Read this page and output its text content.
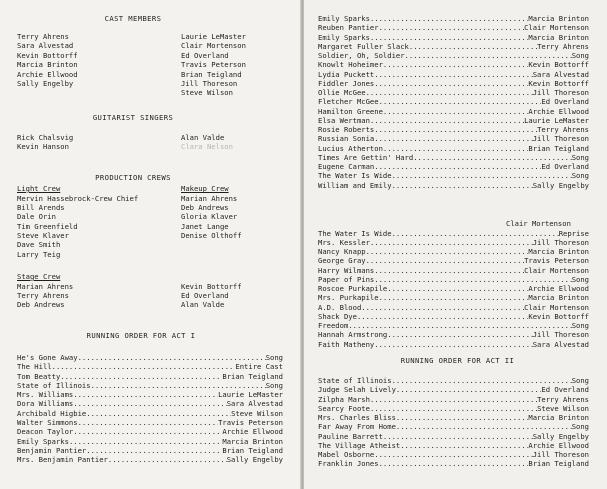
CAST MEMBERS
Terry Ahrens	Laurie LeMaster
Sara Alvestad	Clair Mortenson
Kevin Bottorff	Ed Overland
Marcia Brinton	Travis Peterson
Archie Ellwood	Brian Teigland
Sally Engelby	Jill Thoreson
Steve Wilson
GUITARIST SINGERS
Rick Chalsvig	Alan Valde
Kevin Hanson	Clara Nelson
PRODUCTION CREWS
Light Crew	Makeup Crew
Mervin Hassebrock-Crew Chief	Marian Ahrens
Bill Arends	Deb Andrews
Dale Orin	Gloria Klaver
Tim Greenfield	Janet Lange
Steve Klaver	Denise Olthoff
Dave Smith
Larry Teig
Stage Crew
Marian Ahrens	Kevin Bottorff
Terry Ahrens	Ed Overland
Deb Andrews	Alan Valde
RUNNING ORDER FOR ACT I
He's Gone Away .....	Song
The Hill .....	Entire Cast
Tom Beatty .....	Brian Teigland
State of Illinois .....	Song
Mrs. Williams .....	Laurie LeMaster
Dora Williams .....	Sara Alvestad
Archibald Higbie .....	Steve Wilson
Walter Simmons .....	Travis Peterson
Deacon Taylor .....	Archie Ellwood
Emily Sparks .....	Marcia Brinton
Benjamin Pantier .....	Brian Teigland
Mrs. Benjamin Pantier .....	Sally Engelby
Emily Sparks .....	Marcia Brinton
Reuben Pantier .....	Clair Mortenson
Emily Sparks .....	Marcia Brinton
Margaret Fuller Slack .....	Terry Ahrens
Soldier, Oh, Soldier .....	Song
Knowlt Hoheimer .....	Kevin Bottorff
Lydia Puckett .....	Sara Alvestad
Fiddler Jones .....	Kevin Bottorff
Ollie McGee .....	Jill Thoreson
Fletcher McGee .....	Ed Overland
Hamilton Greene .....	Archie Ellwood
Elsa Wertman .....	Laurie LeMaster
Rosie Roberts .....	Terry Ahrens
Russian Sonia .....	Jill Thoreson
Lucius Atherton .....	Brian Teigland
Times Are Gettin' Hard .....	Song
Eugene Carman .....	Ed Overland
The Water Is Wide .....	Song
William and Emily .....	Sally Engelby
Clair Mortenson
The Water Is Wide .....	Reprise
Mrs. Kessler .....	Jill Thoreson
Nancy Knapp .....	Marcia Brinton
George Gray .....	Travis Peterson
Harry Wilmans .....	Clair Mortenson
Paper of Pins .....	Song
Roscoe Purkapile .....	Archie Ellwood
Mrs. Purkapile .....	Marcia Brinton
A.D. Blood .....	Clair Mortenson
Shack Dye .....	Kevin Bottorff
Freedom .....	Song
Hannah Armstrong .....	Jill Thoreson
Faith Matheny .....	Sara Alvestad
RUNNING ORDER FOR ACT II
State of Illinois .....	Song
Judge Selah Lively .....	Ed Overland
Zilpha Marsh .....	Terry Ahrens
Searcy Foote .....	Steve Wilson
Mrs. Charles Bliss .....	Marcia Brinton
Far Away From Home .....	Song
Pauline Barrett .....	Sally Engelby
The Village Atheist .....	Archie Ellwood
Mabel Osborne .....	Jill Thoreson
Franklin Jones .....	Brian Teigland
